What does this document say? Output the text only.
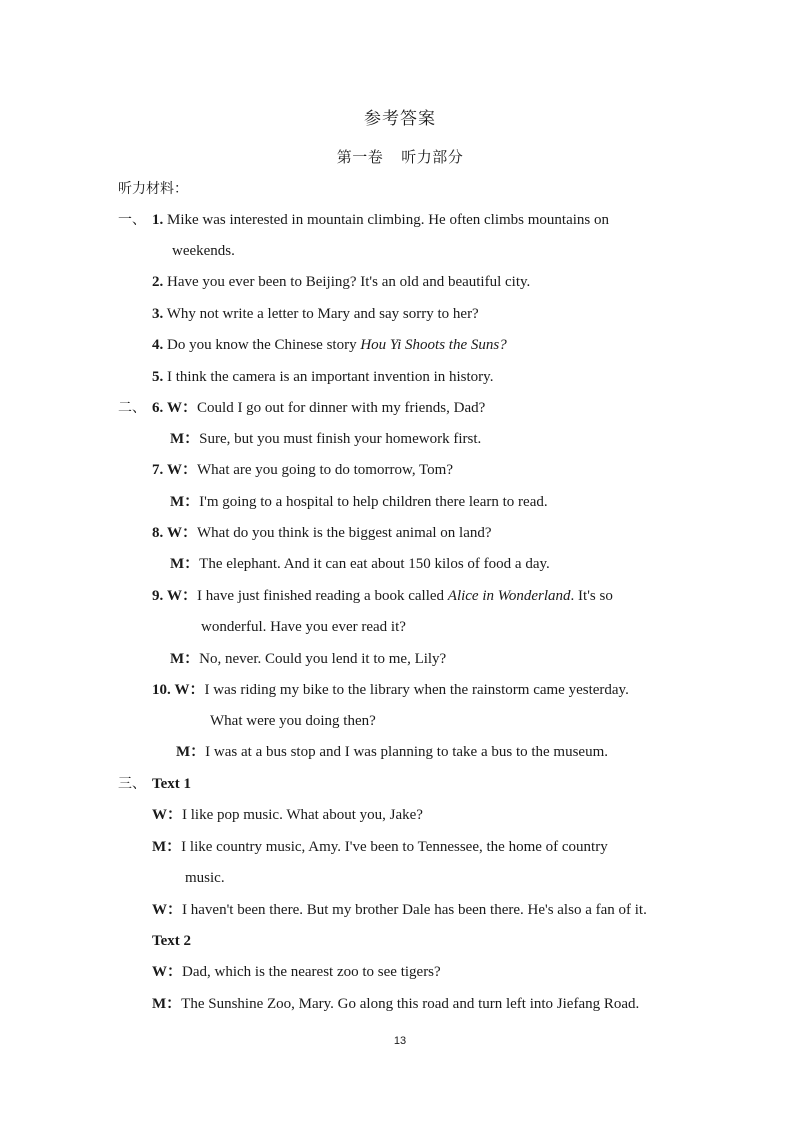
参考答案
第一卷 听力部分
听力材料：
一、 1. Mike was interested in mountain climbing. He often climbs mountains on
weekends.
2. Have you ever been to Beijing? It's an old and beautiful city.
3. Why not write a letter to Mary and say sorry to her?
4. Do you know the Chinese story Hou Yi Shoots the Suns?
5. I think the camera is an important invention in history.
二、 6. W：Could I go out for dinner with my friends, Dad?
M：Sure, but you must finish your homework first.
7. W：What are you going to do tomorrow, Tom?
M：I'm going to a hospital to help children there learn to read.
8. W：What do you think is the biggest animal on land?
M：The elephant. And it can eat about 150 kilos of food a day.
9. W：I have just finished reading a book called Alice in Wonderland. It's so
wonderful. Have you ever read it?
M：No, never. Could you lend it to me, Lily?
10. W：I was riding my bike to the library when the rainstorm came yesterday.
What were you doing then?
M：I was at a bus stop and I was planning to take a bus to the museum.
三、 Text 1
W：I like pop music. What about you, Jake?
M：I like country music, Amy. I've been to Tennessee, the home of country
music.
W：I haven't been there. But my brother Dale has been there. He's also a fan of it.
Text 2
W：Dad, which is the nearest zoo to see tigers?
M：The Sunshine Zoo, Mary. Go along this road and turn left into Jiefang Road.
13
